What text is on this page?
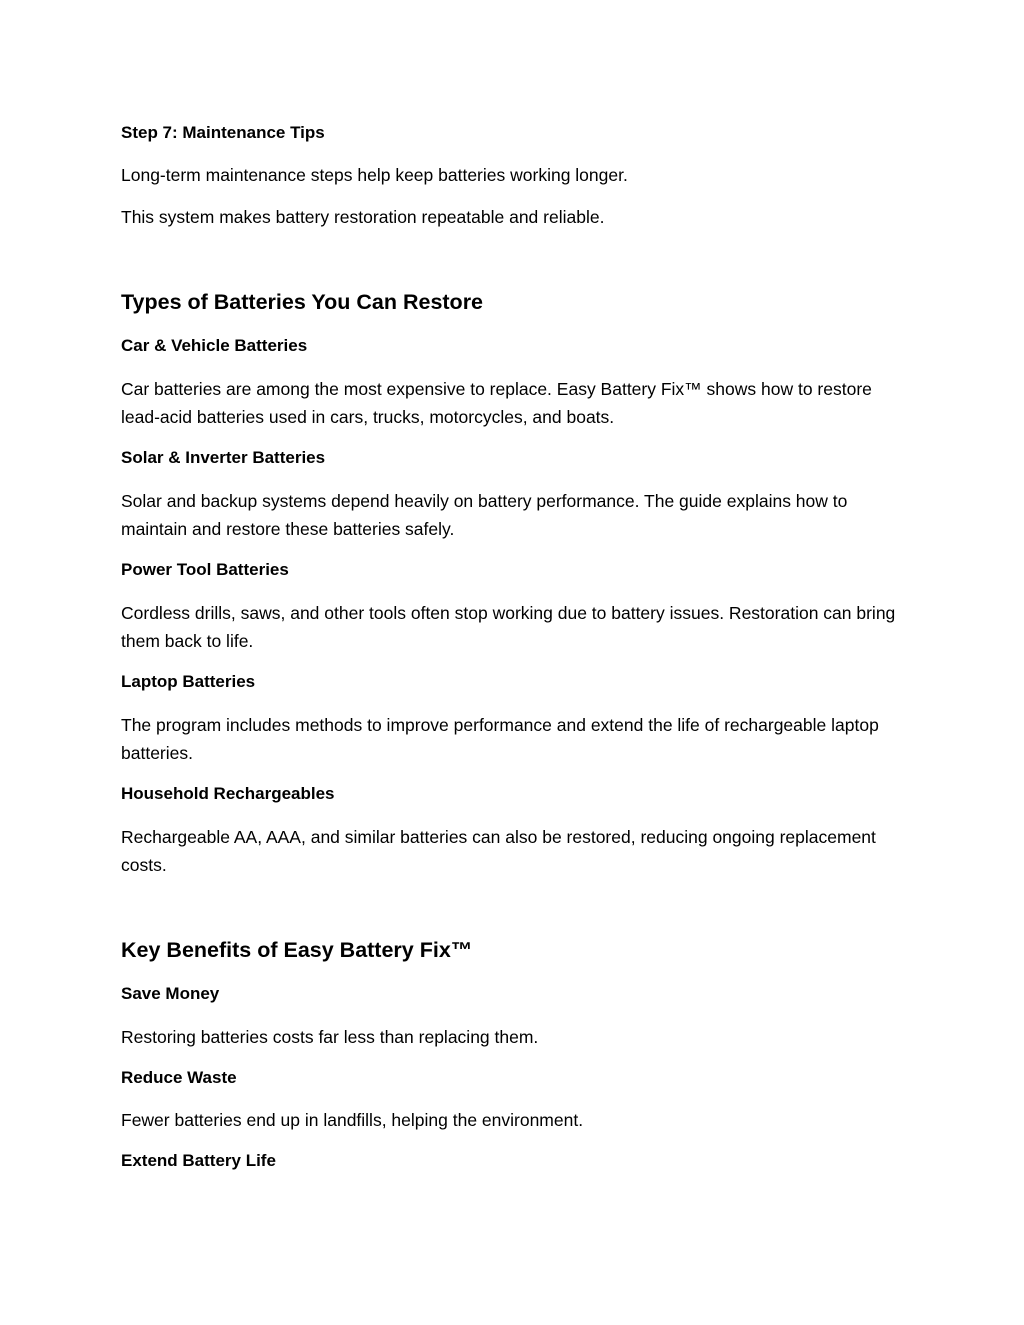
Step 7: Maintenance Tips

Long-term maintenance steps help keep batteries working longer.

This system makes battery restoration repeatable and reliable.

Types of Batteries You Can Restore
Car & Vehicle Batteries

Car batteries are among the most expensive to replace. Easy Battery Fix™ shows how to restore lead-acid batteries used in cars, trucks, motorcycles, and boats.

Solar & Inverter Batteries

Solar and backup systems depend heavily on battery performance. The guide explains how to maintain and restore these batteries safely.

Power Tool Batteries

Cordless drills, saws, and other tools often stop working due to battery issues. Restoration can bring them back to life.

Laptop Batteries

The program includes methods to improve performance and extend the life of rechargeable laptop batteries.

Household Rechargeables

Rechargeable AA, AAA, and similar batteries can also be restored, reducing ongoing replacement costs.

Key Benefits of Easy Battery Fix™
Save Money

Restoring batteries costs far less than replacing them.

Reduce Waste

Fewer batteries end up in landfills, helping the environment.

Extend Battery Life
